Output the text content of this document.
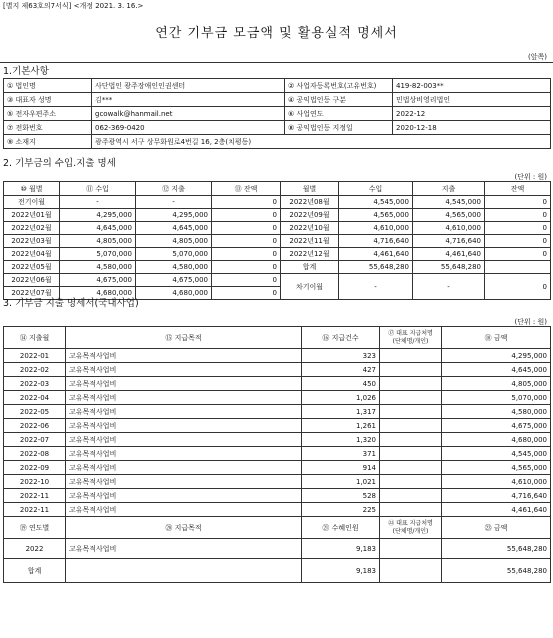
[별지 제63호의7서식] <개정 2021. 3. 16.>
연간 기부금 모금액 및 활용실적 명세서
(앞쪽)
1.기본사항
① 법인명	사단법인 광주장애인인권센터	② 사업자등록번호(고유번호)	419-82-003**
③ 대표자 성명	김***	④ 공익법인등 구분	민법상비영리법인
⑤ 전자우편주소	gcowalk@hanmail.net	⑥ 사업연도	2022-12
⑦ 전화번호	062-369-0420	⑧ 공익법인등 지정일	2020-12-18
⑨ 소재지	광주광역시 서구 상무화원로4번길 16, 2층(치평동)		
2. 기부금의 수입.지출 명세
(단위 : 원)
⑩ 월별	⑪ 수입	⑫ 지출	⑬ 잔액	월별	수입	지출	잔액
전기이월	-	-	0	2022년08월	4,545,000	4,545,000	0
2022년01월	4,295,000	4,295,000	0	2022년09월	4,565,000	4,565,000	0
2022년02월	4,645,000	4,645,000	0	2022년10월	4,610,000	4,610,000	0
2022년03월	4,805,000	4,805,000	0	2022년11월	4,716,640	4,716,640	0
2022년04월	5,070,000	5,070,000	0	2022년12월	4,461,640	4,461,640	0
2022년05월	4,580,000	4,580,000	0	합계	55,648,280	55,648,280	
2022년06월	4,675,000	4,675,000	0	차기이월	-	-	0
2022년07월	4,680,000	4,680,000	0				
3. 기부금 지출 명세서(국내사업)
(단위 : 원)
⑭ 지출월	⑮ 지급목적	⑯ 지급건수	⑰ 대표 지급처명
(단체명/개인)	⑱ 금액
2022-01	고유목적사업비	323		4,295,000
2022-02	고유목적사업비	427		4,645,000
2022-03	고유목적사업비	450		4,805,000
2022-04	고유목적사업비	1,026		5,070,000
2022-05	고유목적사업비	1,317		4,580,000
2022-06	고유목적사업비	1,261		4,675,000
2022-07	고유목적사업비	1,320		4,680,000
2022-08	고유목적사업비	371		4,545,000
2022-09	고유목적사업비	914		4,565,000
2022-10	고유목적사업비	1,021		4,610,000
2022-11	고유목적사업비	528		4,716,640
2022-11	고유목적사업비	225		4,461,640
⑲ 연도별	⑳ 지급목적	㉑ 수혜인원	㉒ 대표 지급처명
(단체명/개인)	㉓ 금액
2022	고유목적사업비	9,183		55,648,280
합계		9,183		55,648,280
